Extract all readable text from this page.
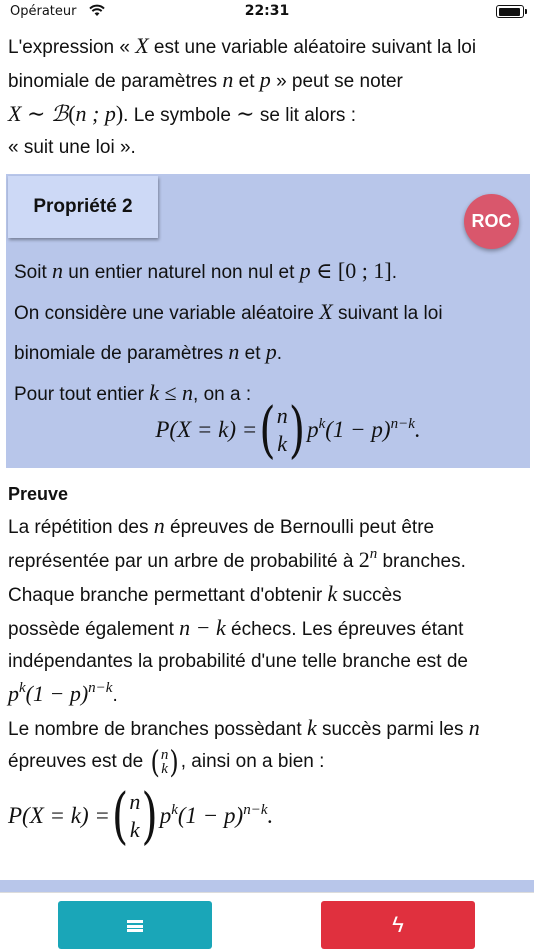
Opérateur	22:31
L'expression « X est une variable aléatoire suivant la loi
binomiale de paramètres n et p » peut se noter
X ∼ ℬ(n ; p). Le symbole ∼ se lit alors :
« suit une loi ».
Propriété 2
ROC
Soit n un entier naturel non nul et p ∈ [0 ; 1].
On considère une variable aléatoire X suivant la loi
binomiale de paramètres n et p.
Pour tout entier k ≤ n, on a :
P(X = k) = ( n
k ) $p^k(1 - p)^{n-k}$.
Preuve
La répétition des n épreuves de Bernoulli peut être
représentée par un arbre de probabilité à 2$^n$ branches.
Chaque branche permettant d'obtenir k succès
possède également n − k échecs. Les épreuves étant
indépendantes la probabilité d'une telle branche est de
$p^k(1 - p)^{n-k}$.
Le nombre de branches possèdant k succès parmi les n
épreuves est de ( n
k ) , ainsi on a bien :
P(X = k) = ( n
k ) $p^k(1 - p)^{n-k}$.
ϟ
